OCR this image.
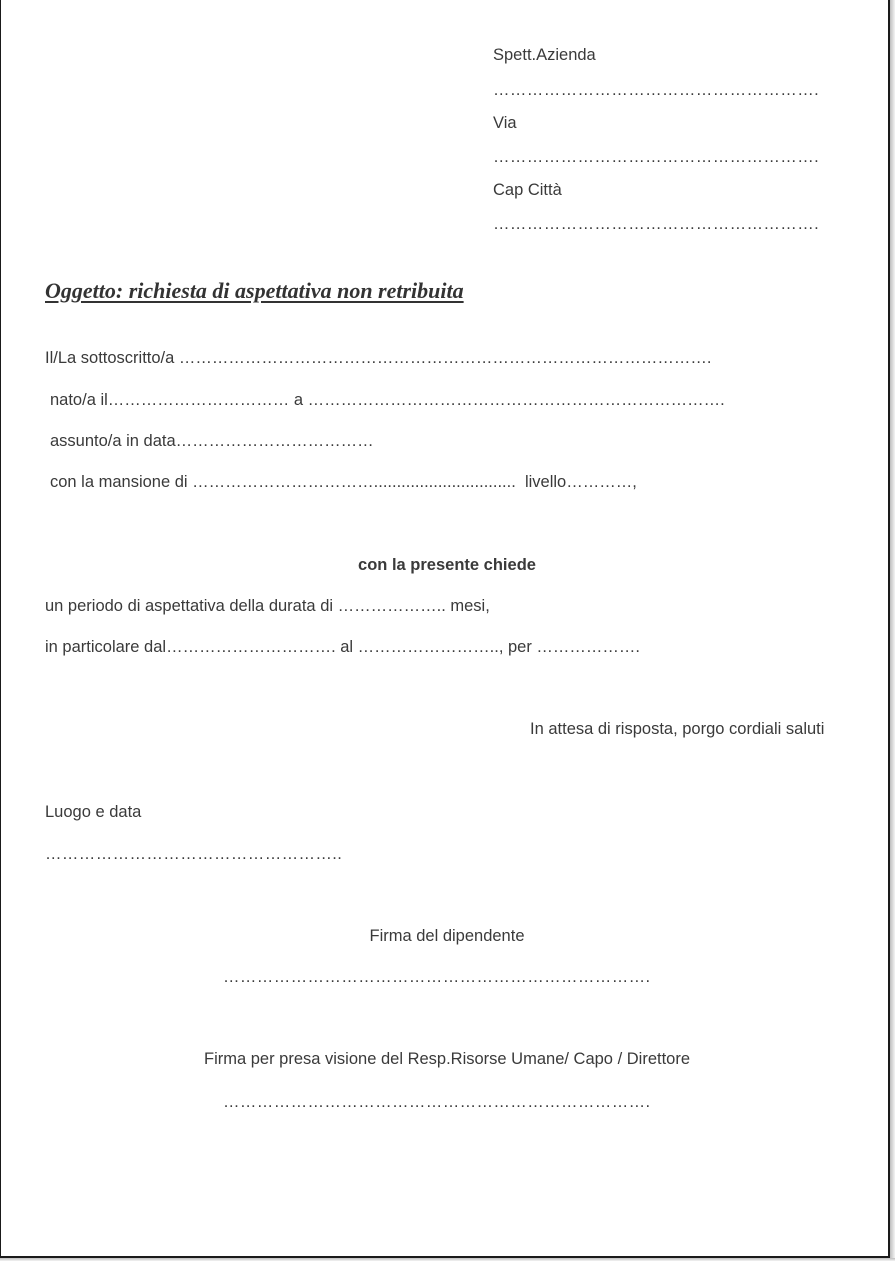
Spett.Azienda
………………………………………………….
Via
………………………………………………….
Cap Città
………………………………………………….
Oggetto: richiesta di aspettativa non retribuita
Il/La sottoscritto/a …………………………………………………………………………………….
nato/a il…………………………… a ………………………………………………………………….
assunto/a in data………………………………
con la mansione di ……………………………...............................  livello…………,
con la presente chiede
un periodo di aspettativa della durata di ……………….. mesi,
in particolare dal…………………………. al …………………….., per ……………….
In attesa di risposta, porgo cordiali saluti
Luogo e data
……………………………………………..
Firma del dipendente
………………………………………………………………….
Firma per presa visione del Resp.Risorse Umane/ Capo / Direttore
………………………………………………………………….
